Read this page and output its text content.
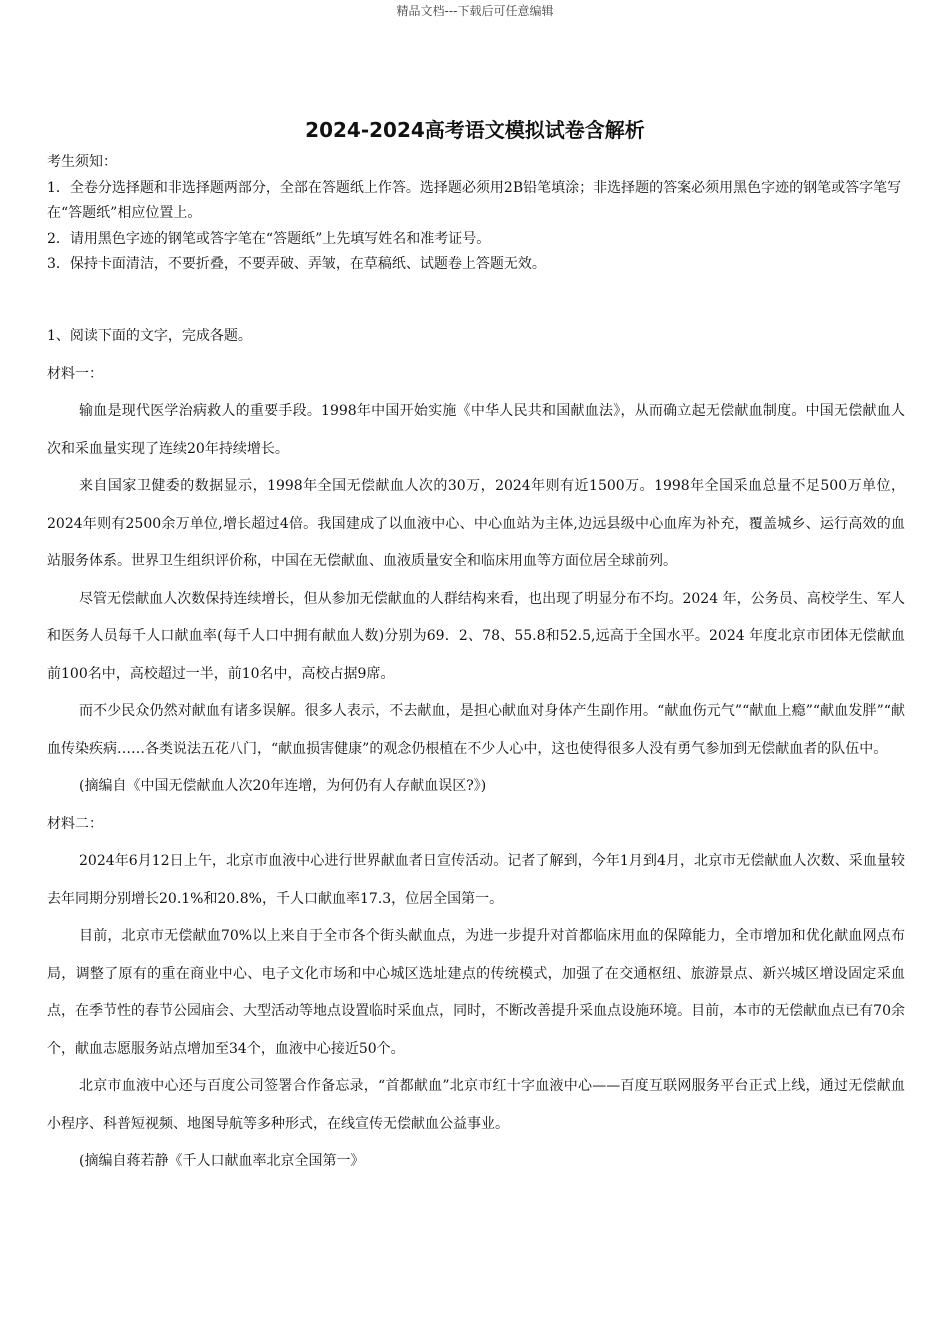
精品文档---下载后可任意编辑
2024-2024高考语文模拟试卷含解析

考生须知：

1．全卷分选择题和非选择题两部分，全部在答题纸上作答。选择题必须用2B铅笔填涂；非选择题的答案必须用黑色字迹的钢笔或答字笔写在“答题纸”相应位置上。

2．请用黑色字迹的钢笔或答字笔在“答题纸”上先填写姓名和准考证号。

3．保持卡面清洁，不要折叠，不要弄破、弄皱，在草稿纸、试题卷上答题无效。

1、阅读下面的文字，完成各题。

材料一：

输血是现代医学治病救人的重要手段。1998年中国开始实施《中华人民共和国献血法》，从而确立起无偿献血制度。中国无偿献血人次和采血量实现了连续20年持续增长。

来自国家卫健委的数据显示，1998年全国无偿献血人次的30万，2024年则有近1500万。1998年全国采血总量不足500万单位，2024年则有2500余万单位,增长超过4倍。我国建成了以血液中心、中心血站为主体,边远县级中心血库为补充，覆盖城乡、运行高效的血站服务体系。世界卫生组织评价称，中国在无偿献血、血液质量安全和临床用血等方面位居全球前列。

尽管无偿献血人次数保持连续增长，但从参加无偿献血的人群结构来看，也出现了明显分布不均。2024 年，公务员、高校学生、军人和医务人员每千人口献血率(每千人口中拥有献血人数)分别为69．2、78、55.8和52.5,远高于全国水平。2024 年度北京市团体无偿献血前100名中，高校超过一半，前10名中，高校占据9席。

而不少民众仍然对献血有诸多误解。很多人表示，不去献血，是担心献血对身体产生副作用。“献血伤元气”“献血上瘾”“献血发胖”“献血传染疾病……各类说法五花八门，“献血损害健康”的观念仍根植在不少人心中，这也使得很多人没有勇气参加到无偿献血者的队伍中。

(摘编自《中国无偿献血人次20年连增，为何仍有人存献血误区?》)

材料二：

2024年6月12日上午，北京市血液中心进行世界献血者日宣传活动。记者了解到，今年1月到4月，北京市无偿献血人次数、采血量较去年同期分别增长20.1%和20.8%，千人口献血率17.3，位居全国第一。

目前，北京市无偿献血70%以上来自于全市各个街头献血点，为进一步提升对首都临床用血的保障能力，全市增加和优化献血网点布局，调整了原有的重在商业中心、电子文化市场和中心城区选址建点的传统模式，加强了在交通枢纽、旅游景点、新兴城区增设固定采血点，在季节性的春节公园庙会、大型活动等地点设置临时采血点，同时，不断改善提升采血点设施环境。目前，本市的无偿献血点已有70余个，献血志愿服务站点增加至34个，血液中心接近50个。

北京市血液中心还与百度公司签署合作备忘录，“首都献血”北京市红十字血液中心——百度互联网服务平台正式上线，通过无偿献血小程序、科普短视频、地图导航等多种形式，在线宣传无偿献血公益事业。

(摘编自蒋若静《千人口献血率北京全国第一》
